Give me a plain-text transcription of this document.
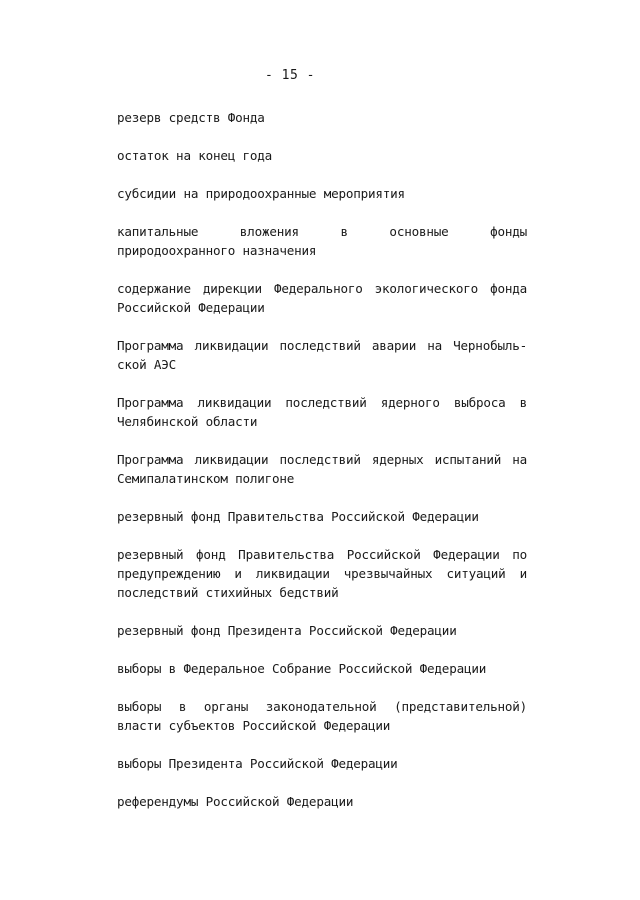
- 15 -
резерв средств Фонда
остаток на конец года
субсидии на природоохранные мероприятия
капитальные вложения в основные фонды
природоохранного назначения
содержание дирекции Федерального экологического фонда
Российской Федерации
Программа ликвидации последствий аварии на Чернобыль-
ской АЭС
Программа ликвидации последствий ядерного выброса в
Челябинской области
Программа ликвидации последствий ядерных испытаний на
Семипалатинском полигоне
резервный фонд Правительства Российской Федерации
резервный фонд Правительства Российской Федерации по
предупреждению и ликвидации чрезвычайных ситуаций и
последствий стихийных бедствий
резервный фонд Президента Российской Федерации
выборы в Федеральное Собрание Российской Федерации
выборы в органы законодательной (представительной)
власти субъектов Российской Федерации
выборы Президента Российской Федерации
референдумы Российской Федерации
